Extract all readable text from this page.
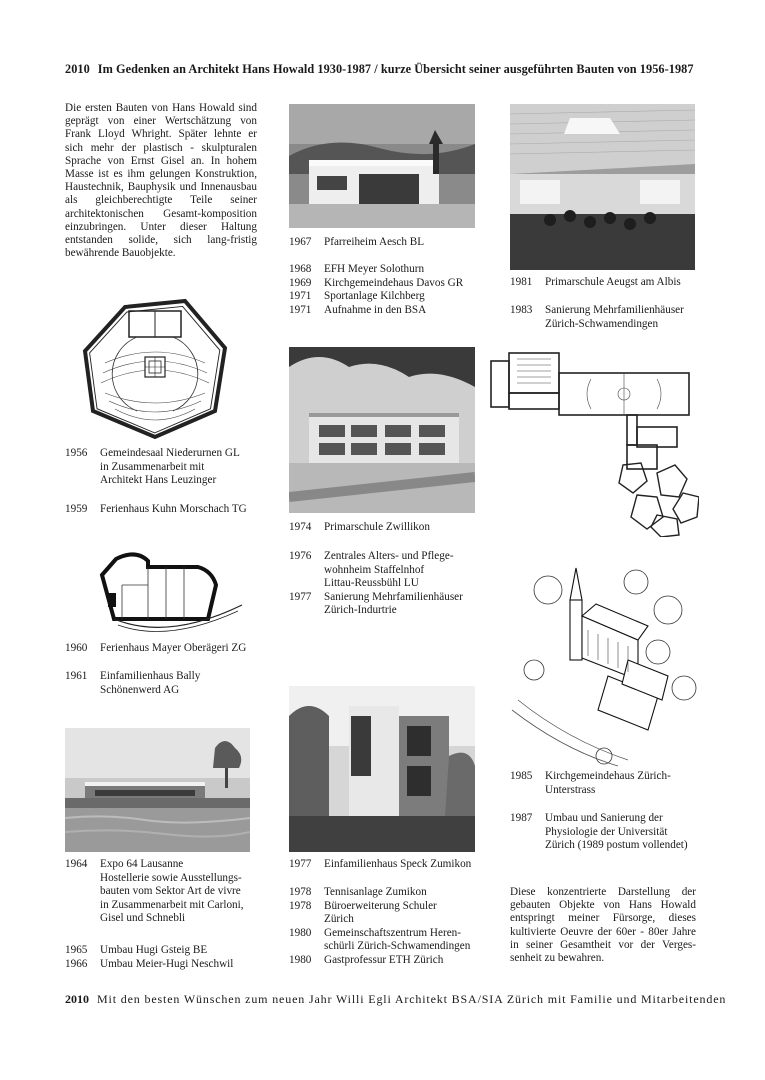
2010 Im Gedenken an Architekt Hans Howald 1930-1987 / kurze Übersicht seiner ausgeführten Bauten von 1956-1987
Die ersten Bauten von Hans Howald sind geprägt von einer Wertschätzung von Frank Lloyd Whright. Später lehnte er sich mehr der plastisch - skulpturalen Sprache von Ernst Gisel an. In hohem Masse ist es ihm gelungen Konstruktion, Haustechnik, Bauphysik und Innenausbau als gleichberechtigte Teile seiner architektonischen Gesamt-komposition einzubringen. Unter dieser Haltung entstanden solide, sich lang-fristig bewährende Bauobjekte.
1956	Gemeindesaal Niederurnen GL
in Zusammenarbeit mit
Architekt Hans Leuzinger
1959	Ferienhaus Kuhn Morschach TG
1960	Ferienhaus Mayer Oberägeri ZG
1961	Einfamilienhaus Bally
Schönenwerd AG
1964	Expo 64 Lausanne
Hostellerie sowie Ausstellungs-
bauten vom Sektor Art de vivre
in Zusammenarbeit mit Carloni,
Gisel und Schnebli
1965	Umbau Hugi Gsteig BE
1966	Umbau Meier-Hugi Neschwil
1967	Pfarreiheim Aesch BL
1968	EFH Meyer Solothurn
1969	Kirchgemeindehaus Davos GR
1971	Sportanlage Kilchberg
1971	Aufnahme in den BSA
1974	Primarschule Zwillikon
1976	Zentrales Alters- und Pflege-
wohnheim Staffelnhof
Littau-Reussbühl LU
1977	Sanierung Mehrfamilienhäuser
Zürich-Indurtrie
1977	Einfamilienhaus Speck Zumikon
1978	Tennisanlage Zumikon
1978	Büroerweiterung Schuler
Zürich
1980	Gemeinschaftszentrum Heren-
schürli Zürich-Schwamendingen
1980	Gastprofessur ETH Zürich
1981	Primarschule Aeugst am Albis
1983	Sanierung Mehrfamilienhäuser
Zürich-Schwamendingen
1985	Kirchgemeindehaus Zürich-
Unterstrass
1987	Umbau und Sanierung der
Physiologie der Universität
Zürich (1989 postum vollendet)
Diese konzentrierte Darstellung der gebauten Objekte von Hans Howald entspringt meiner Fürsorge, dieses kultivierte Oeuvre der 60er - 80er Jahre in seiner Gesamtheit vor der Verges-senheit zu bewahren.
2010 Mit den besten Wünschen zum neuen Jahr Willi Egli Architekt BSA/SIA Zürich mit Familie und Mitarbeitenden
